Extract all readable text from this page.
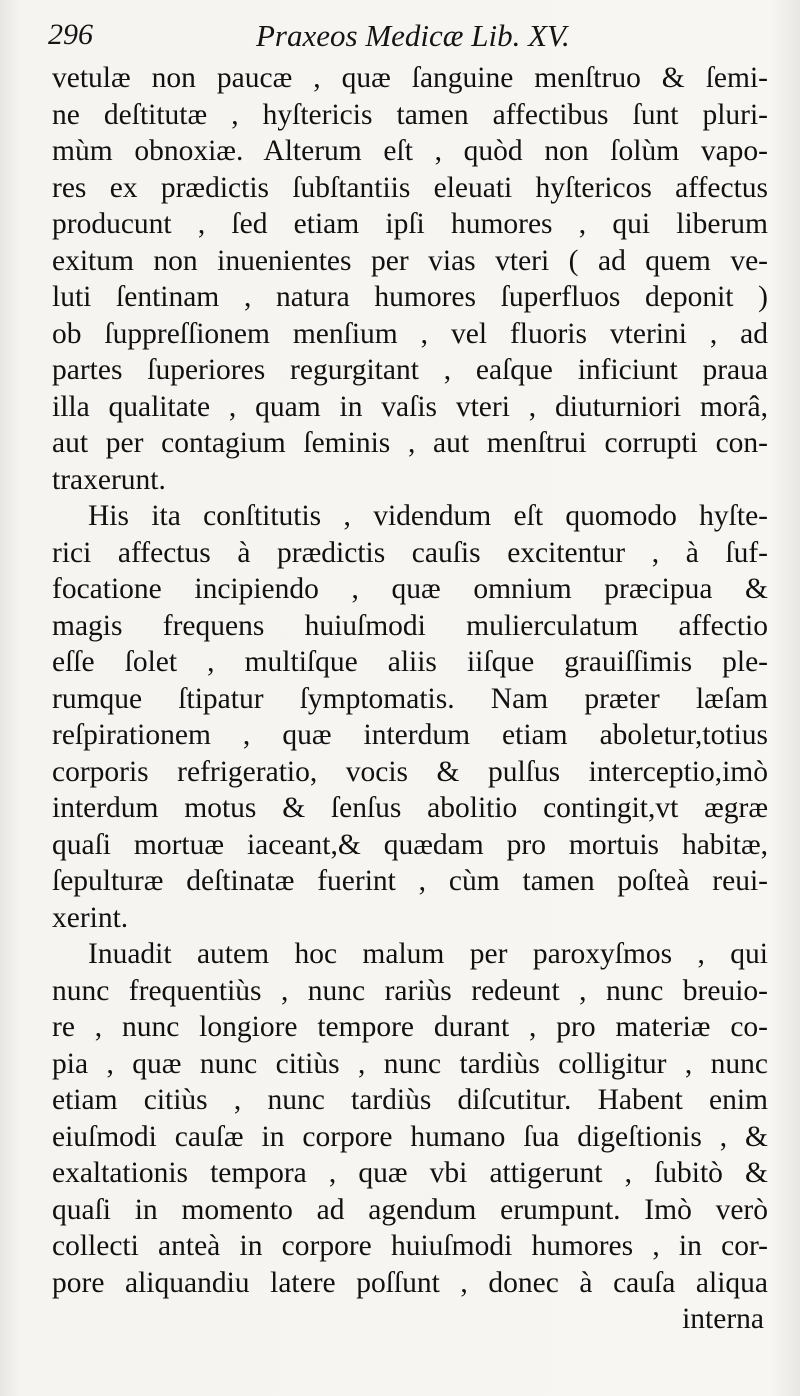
296	Praxeos Medicæ Lib. XV.
vetulæ non paucæ , quæ ſanguine menſtruo & ſemi-
ne deſtitutæ , hyſtericis tamen affectibus ſunt pluri-
mùm obnoxiæ. Alterum eſt , quòd non ſolùm vapo-
res ex prædictis ſubſtantiis eleuati hyſtericos affectus
producunt , ſed etiam ipſi humores , qui liberum
exitum non inuenientes per vias vteri ( ad quem ve-
luti ſentinam , natura humores ſuperfluos deponit )
ob ſuppreſſionem menſium , vel fluoris vterini , ad
partes ſuperiores regurgitant , eaſque inficiunt praua
illa qualitate , quam in vaſis vteri , diuturniori morâ,
aut per contagium ſeminis , aut menſtrui corrupti con-
traxerunt.
His ita conſtitutis , videndum eſt quomodo hyſte-
rici affectus à prædictis cauſis excitentur , à ſuf-
focatione incipiendo , quæ omnium præcipua &
magis frequens huiuſmodi mulierculatum affectio
eſſe ſolet , multiſque aliis iiſque grauiſſimis ple-
rumque ſtipatur ſymptomatis. Nam præter læſam
reſpirationem , quæ interdum etiam aboletur,totius
corporis refrigeratio, vocis & pulſus interceptio,imò
interdum motus & ſenſus abolitio contingit,vt ægræ
quaſi mortuæ iaceant,& quædam pro mortuis habitæ,
ſepulturæ deſtinatæ fuerint , cùm tamen poſteà reui-
xerint.
Inuadit autem hoc malum per paroxyſmos , qui
nunc frequentiùs , nunc rariùs redeunt , nunc breuio-
re , nunc longiore tempore durant , pro materiæ co-
pia , quæ nunc citiùs , nunc tardiùs colligitur , nunc
etiam citiùs , nunc tardiùs diſcutitur. Habent enim
eiuſmodi cauſæ in corpore humano ſua digeſtionis , &
exaltationis tempora , quæ vbi attigerunt , ſubitò &
quaſi in momento ad agendum erumpunt. Imò verò
collecti anteà in corpore huiuſmodi humores , in cor-
pore aliquandiu latere poſſunt , donec à cauſa aliqua
interna
